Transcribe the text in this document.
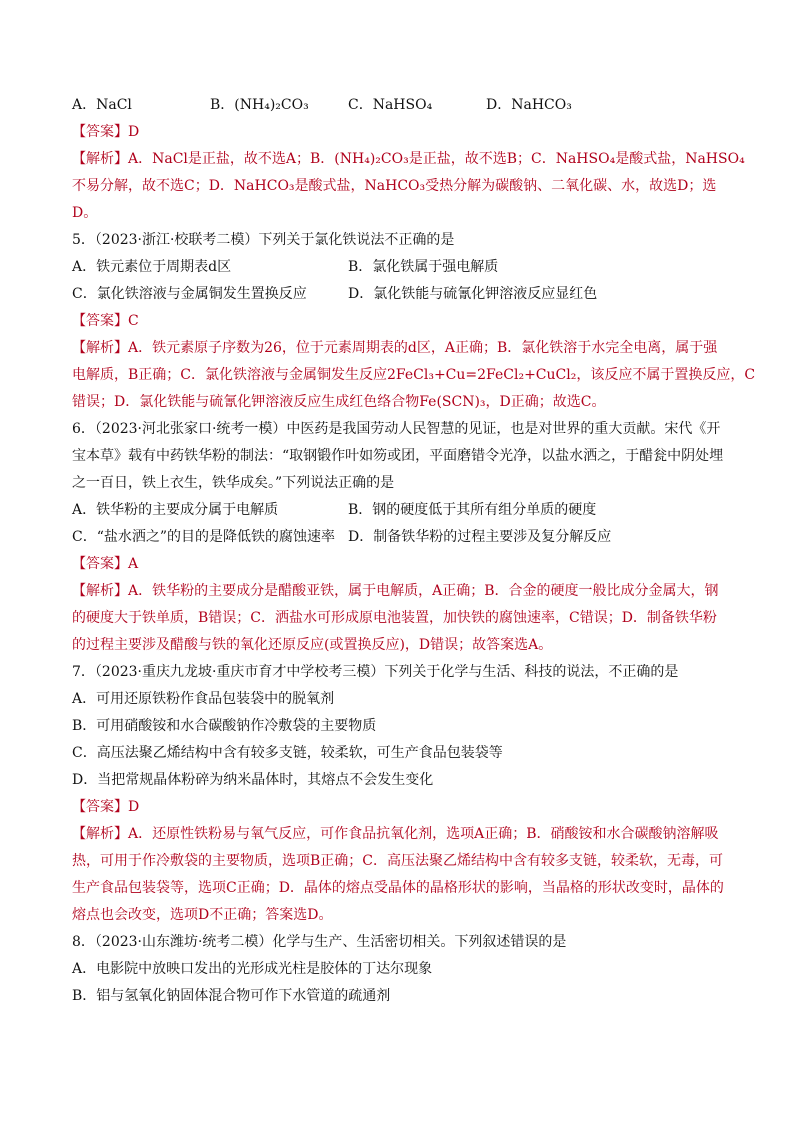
A．NaCl	B．(NH₄)₂CO₃	C．NaHSO₄	D．NaHCO₃
【答案】D
【解析】A．NaCl是正盐，故不选A；B．(NH₄)₂CO₃是正盐，故不选B；C．NaHSO₄是酸式盐，NaHSO₄
不易分解，故不选C；D．NaHCO₃是酸式盐，NaHCO₃受热分解为碳酸钠、二氧化碳、水，故选D；选
D。
5．（2023·浙江·校联考二模）下列关于氯化铁说法不正确的是
A．铁元素位于周期表d区	B．氯化铁属于强电解质
C．氯化铁溶液与金属铜发生置换反应	D．氯化铁能与硫氰化钾溶液反应显红色
【答案】C
【解析】A．铁元素原子序数为26，位于元素周期表的d区，A正确；B．氯化铁溶于水完全电离，属于强
电解质，B正确；C．氯化铁溶液与金属铜发生反应2FeCl₃+Cu=2FeCl₂+CuCl₂，该反应不属于置换反应，C
错误；D．氯化铁能与硫氰化钾溶液反应生成红色络合物Fe(SCN)₃，D正确；故选C。
6．（2023·河北张家口·统考一模）中医药是我国劳动人民智慧的见证，也是对世界的重大贡献。宋代《开
宝本草》载有中药铁华粉的制法：“取钢锻作叶如笏或团，平面磨错令光净，以盐水洒之，于醋瓮中阴处埋
之一百日，铁上衣生，铁华成矣。”下列说法正确的是
A．铁华粉的主要成分属于电解质	B．钢的硬度低于其所有组分单质的硬度
C．“盐水洒之”的目的是降低铁的腐蚀速率 D．制备铁华粉的过程主要涉及复分解反应
【答案】A
【解析】A．铁华粉的主要成分是醋酸亚铁，属于电解质，A正确；B．合金的硬度一般比成分金属大，钢
的硬度大于铁单质，B错误；C．洒盐水可形成原电池装置，加快铁的腐蚀速率，C错误；D．制备铁华粉
的过程主要涉及醋酸与铁的氧化还原反应(或置换反应)，D错误；故答案选A。
7．（2023·重庆九龙坡·重庆市育才中学校考三模）下列关于化学与生活、科技的说法，不正确的是
A．可用还原铁粉作食品包装袋中的脱氧剂
B．可用硝酸铵和水合碳酸钠作冷敷袋的主要物质
C．高压法聚乙烯结构中含有较多支链，较柔软，可生产食品包装袋等
D．当把常规晶体粉碎为纳米晶体时，其熔点不会发生变化
【答案】D
【解析】A．还原性铁粉易与氧气反应，可作食品抗氧化剂，选项A正确；B．硝酸铵和水合碳酸钠溶解吸
热，可用于作冷敷袋的主要物质，选项B正确；C．高压法聚乙烯结构中含有较多支链，较柔软，无毒，可
生产食品包装袋等，选项C正确；D．晶体的熔点受晶体的晶格形状的影响，当晶格的形状改变时，晶体的
熔点也会改变，选项D不正确；答案选D。
8．（2023·山东潍坊·统考二模）化学与生产、生活密切相关。下列叙述错误的是
A．电影院中放映口发出的光形成光柱是胶体的丁达尔现象
B．铝与氢氧化钠固体混合物可作下水管道的疏通剂
